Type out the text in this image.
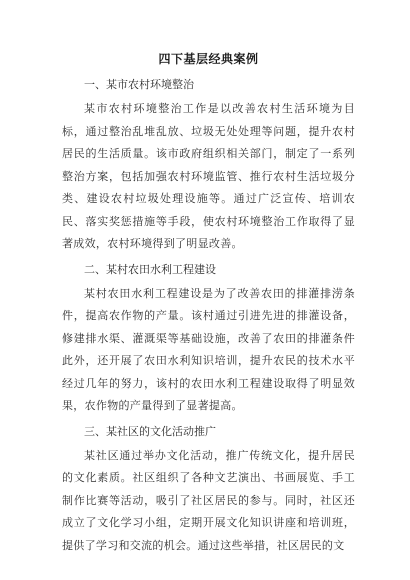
四下基层经典案例

一、某市农村环境整治

某市农村环境整治工作是以改善农村生活环境为目标，通过整治乱堆乱放、垃圾无处处理等问题，提升农村居民的生活质量。该市政府组织相关部门，制定了一系列整治方案，包括加强农村环境监管、推行农村生活垃圾分类、建设农村垃圾处理设施等。通过广泛宣传、培训农民、落实奖惩措施等手段，使农村环境整治工作取得了显著成效，农村环境得到了明显改善。

二、某村农田水利工程建设

某村农田水利工程建设是为了改善农田的排灌排涝条件，提高农作物的产量。该村通过引进先进的排灌设备，修建排水渠、灌溉渠等基础设施，改善了农田的排灌条件此外，还开展了农田水利知识培训，提升农民的技术水平经过几年的努力，该村的农田水利工程建设取得了明显效果，农作物的产量得到了显著提高。

三、某社区的文化活动推广

某社区通过举办文化活动，推广传统文化，提升居民的文化素质。社区组织了各种文艺演出、书画展览、手工制作比赛等活动，吸引了社区居民的参与。同时，社区还成立了文化学习小组，定期开展文化知识讲座和培训班，提供了学习和交流的机会。通过这些举措，社区居民的文
